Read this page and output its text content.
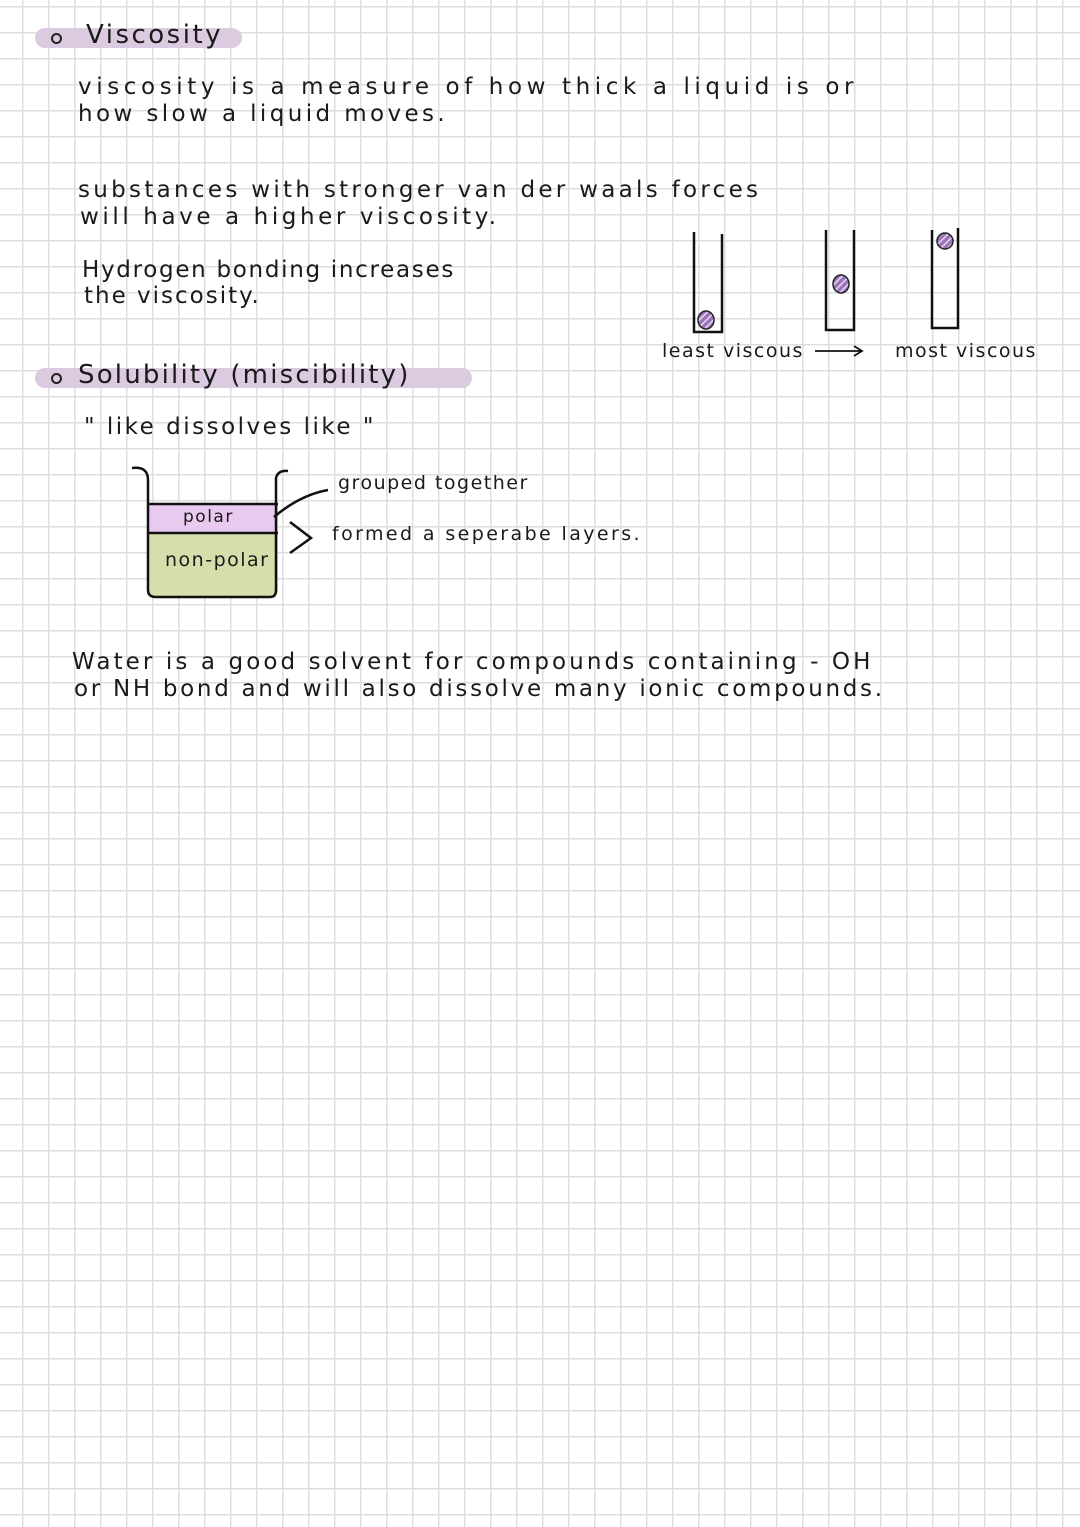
Viscosity
viscosity is a measure of how thick a liquid is or
how slow a liquid moves.
substances with stronger van der waals forces
will have a higher viscosity.
Hydrogen bonding increases
the viscosity.
least viscous	most viscous
Solubility (miscibility)
" like dissolves like "
polar
non-polar
grouped together
formed a seperabe layers.
Water is a good solvent for compounds containing - OH
or NH bond and will also dissolve many ionic compounds.
